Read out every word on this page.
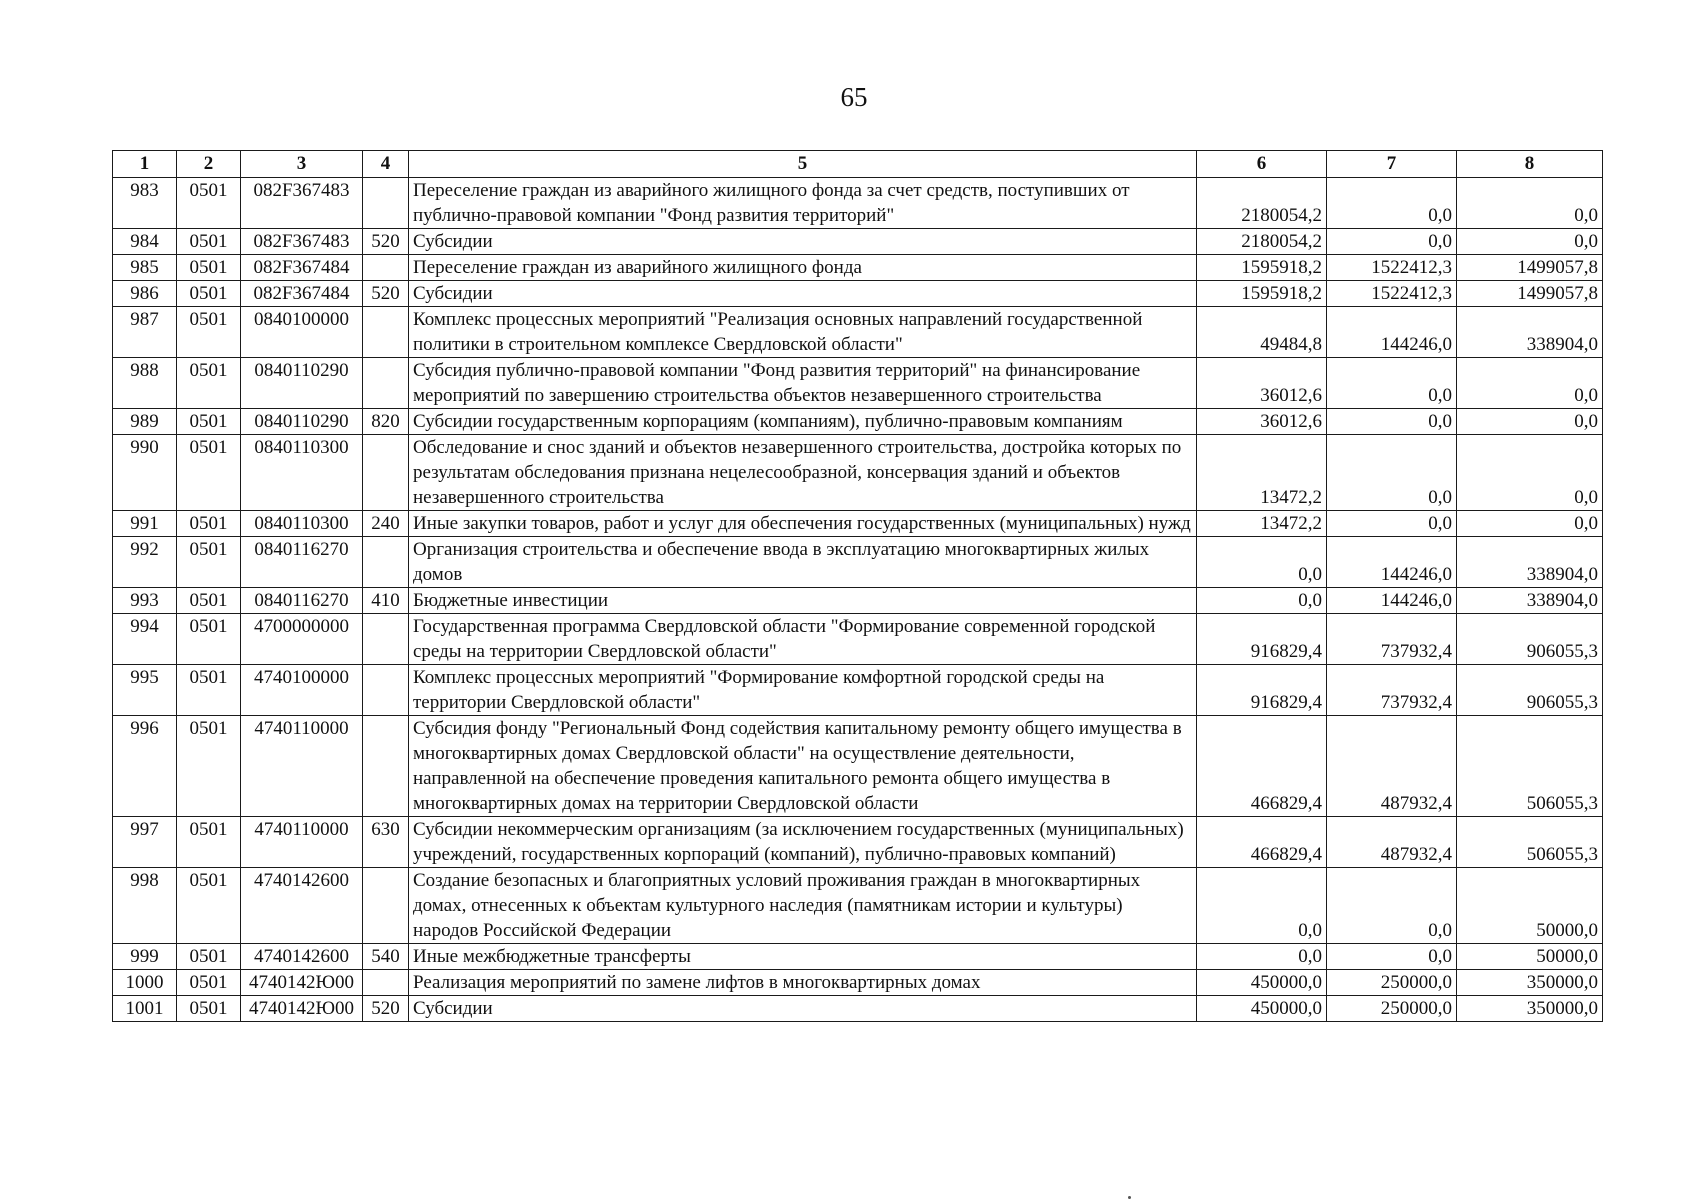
65
1	2	3	4	5	6	7	8
983	0501	082F367483		Переселение граждан из аварийного жилищного фонда за счет средств, поступивших от публично-правовой компании "Фонд развития территорий"	2180054,2	0,0	0,0
984	0501	082F367483	520	Субсидии	2180054,2	0,0	0,0
985	0501	082F367484		Переселение граждан из аварийного жилищного фонда	1595918,2	1522412,3	1499057,8
986	0501	082F367484	520	Субсидии	1595918,2	1522412,3	1499057,8
987	0501	0840100000		Комплекс процессных мероприятий "Реализация основных направлений государственной политики в строительном комплексе Свердловской области"	49484,8	144246,0	338904,0
988	0501	0840110290		Субсидия публично-правовой компании "Фонд развития территорий" на финансирование мероприятий по завершению строительства объектов незавершенного строительства	36012,6	0,0	0,0
989	0501	0840110290	820	Субсидии государственным корпорациям (компаниям), публично-правовым компаниям	36012,6	0,0	0,0
990	0501	0840110300		Обследование и снос зданий и объектов незавершенного строительства, достройка которых по результатам обследования признана нецелесообразной, консервация зданий и объектов незавершенного строительства	13472,2	0,0	0,0
991	0501	0840110300	240	Иные закупки товаров, работ и услуг для обеспечения государственных (муниципальных) нужд	13472,2	0,0	0,0
992	0501	0840116270		Организация строительства и обеспечение ввода в эксплуатацию многоквартирных жилых домов	0,0	144246,0	338904,0
993	0501	0840116270	410	Бюджетные инвестиции	0,0	144246,0	338904,0
994	0501	4700000000		Государственная программа Свердловской области "Формирование современной городской среды на территории Свердловской области"	916829,4	737932,4	906055,3
995	0501	4740100000		Комплекс процессных мероприятий "Формирование комфортной городской среды на территории Свердловской области"	916829,4	737932,4	906055,3
996	0501	4740110000		Субсидия фонду "Региональный Фонд содействия капитальному ремонту общего имущества в многоквартирных домах Свердловской области" на осуществление деятельности, направленной на обеспечение проведения капитального ремонта общего имущества в многоквартирных домах на территории Свердловской области	466829,4	487932,4	506055,3
997	0501	4740110000	630	Субсидии некоммерческим организациям (за исключением государственных (муниципальных) учреждений, государственных корпораций (компаний), публично-правовых компаний)	466829,4	487932,4	506055,3
998	0501	4740142600		Создание безопасных и благоприятных условий проживания граждан в многоквартирных домах, отнесенных к объектам культурного наследия (памятникам истории и культуры) народов Российской Федерации	0,0	0,0	50000,0
999	0501	4740142600	540	Иные межбюджетные трансферты	0,0	0,0	50000,0
1000	0501	4740142Ю00		Реализация мероприятий по замене лифтов в многоквартирных домах	450000,0	250000,0	350000,0
1001	0501	4740142Ю00	520	Субсидии	450000,0	250000,0	350000,0
